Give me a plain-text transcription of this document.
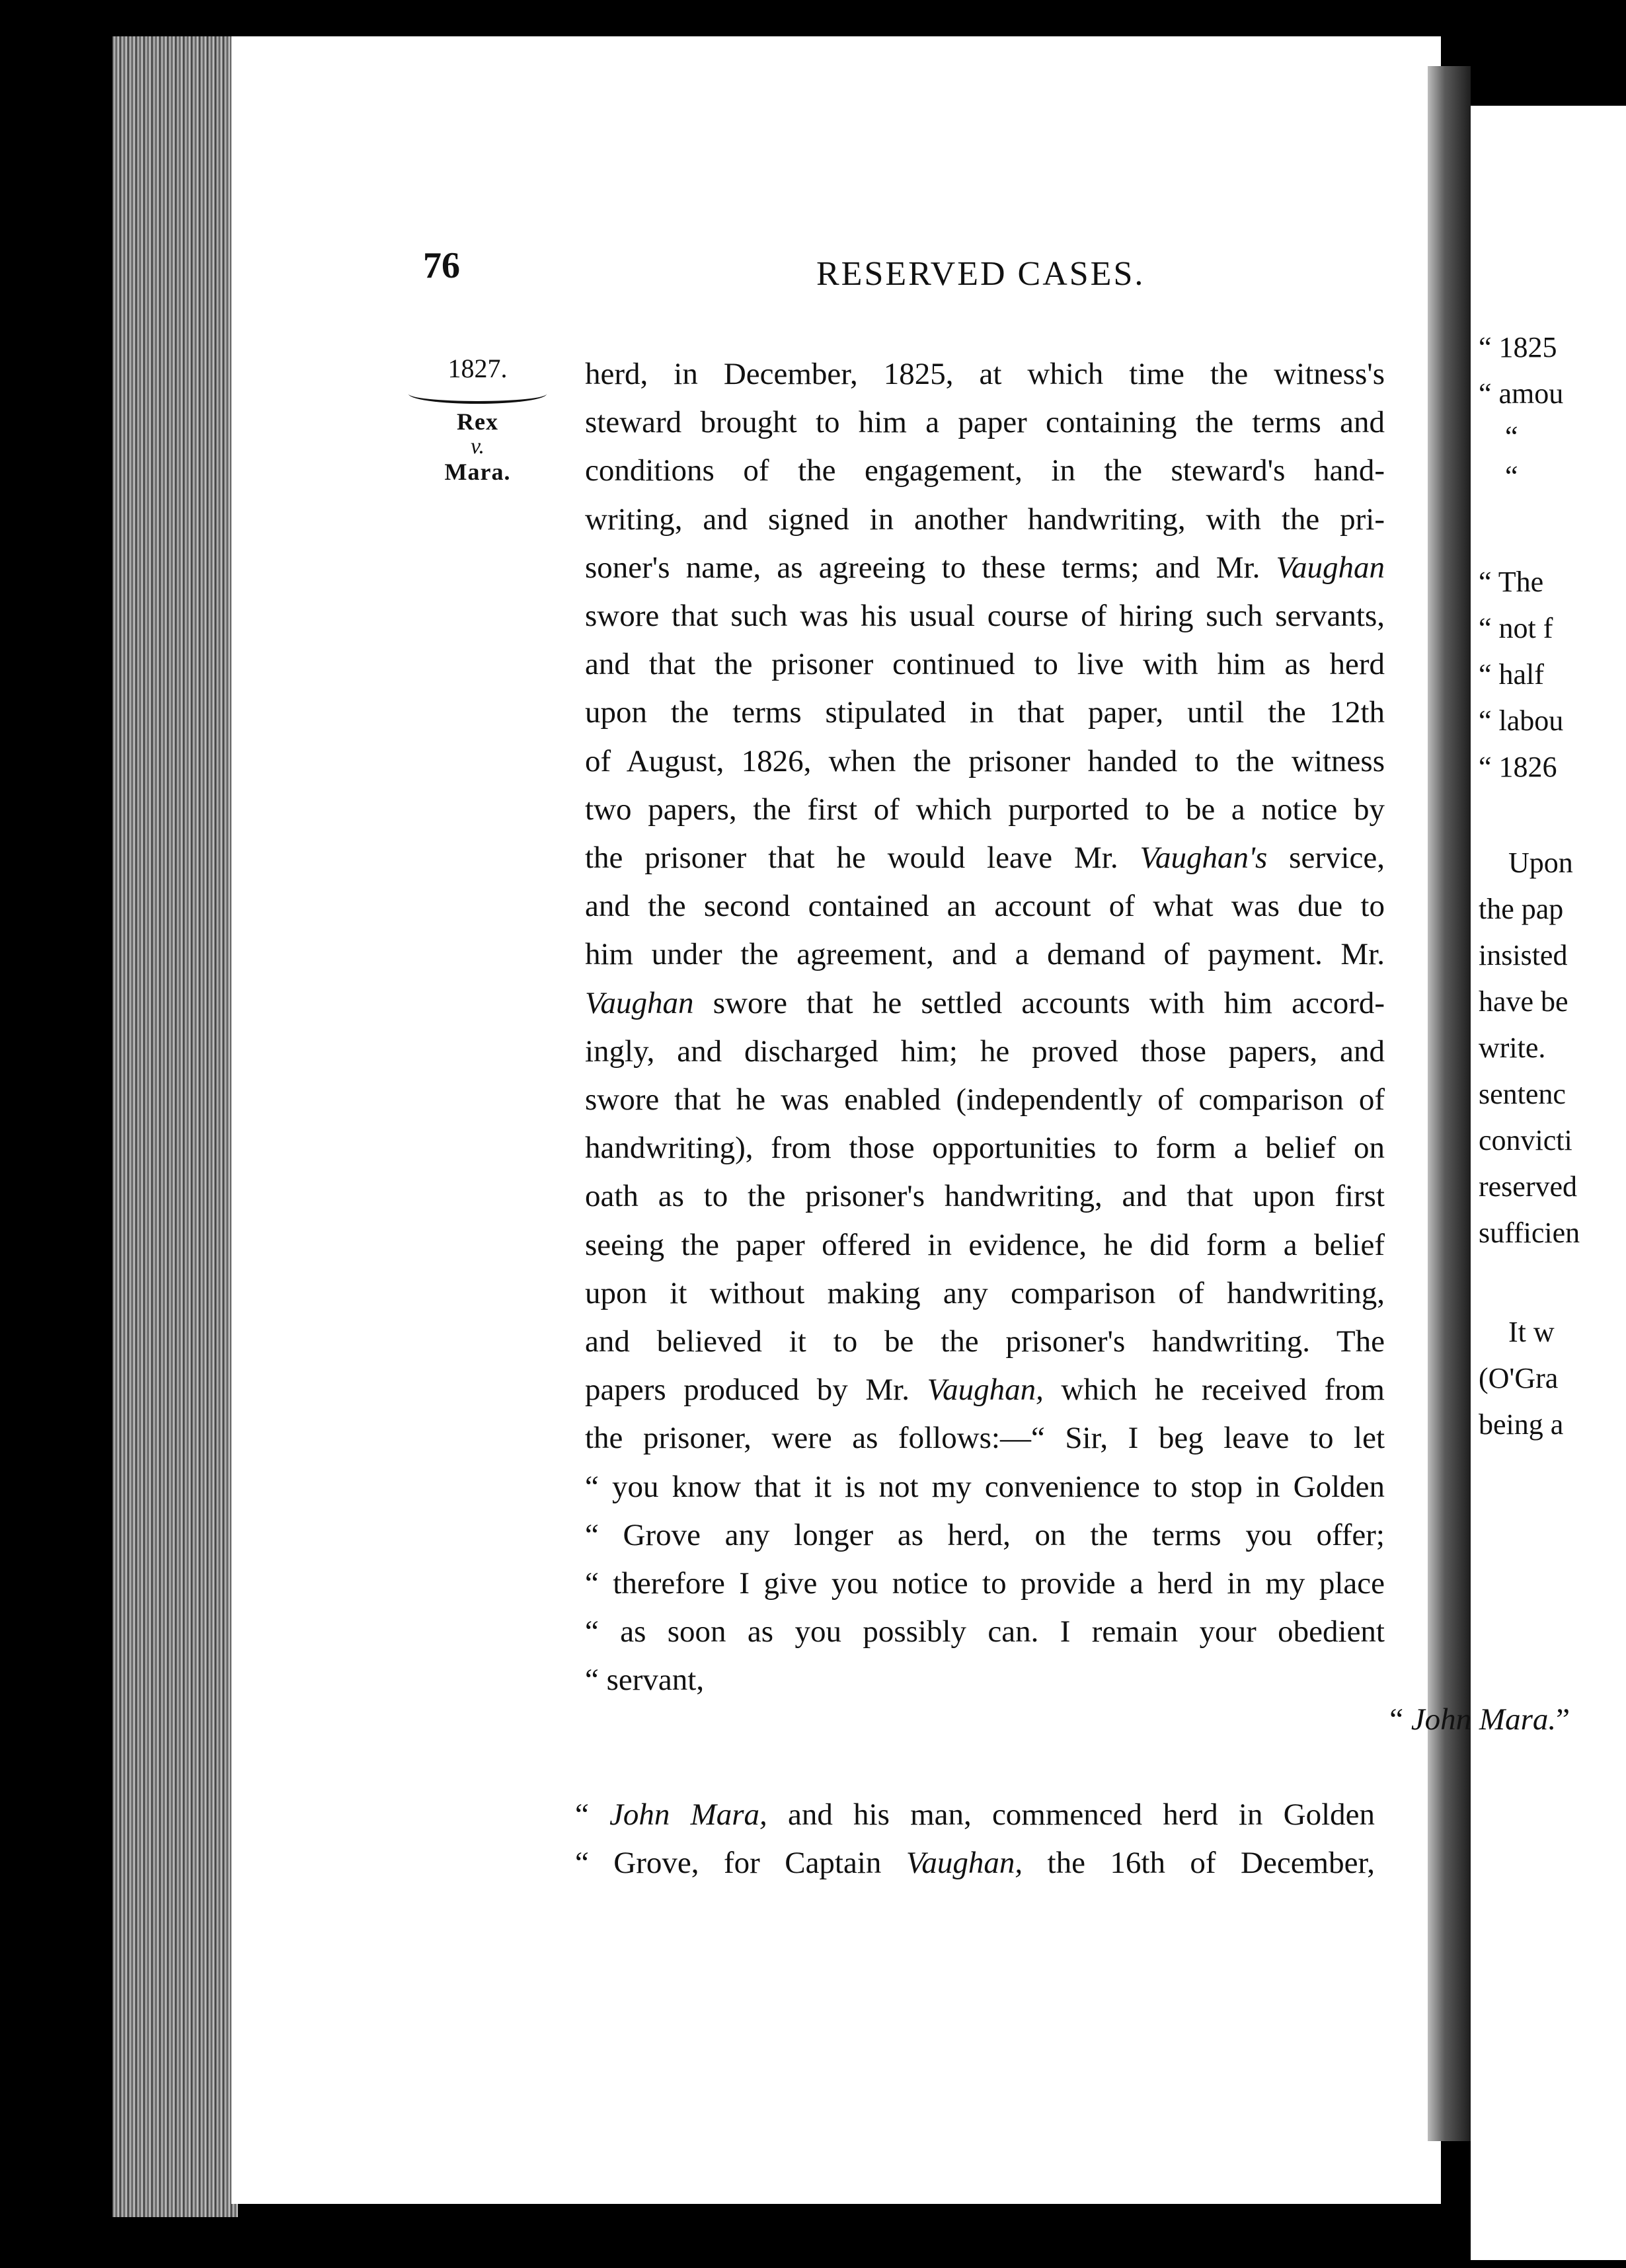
“ 1825
“ amou
“
“
“ The
“ not f
“ half
“ labou
“ 1826
Upon
the pap
insisted
have be
write.
sentenc
convicti
reserved
sufficien
It w
(O'Gra
being a
76	RESERVED CASES.
1827.
Rex
v.
Mara.
herd, in December, 1825, at which time the witness's
steward brought to him a paper containing the terms and
conditions of the engagement, in the steward's hand-
writing, and signed in another handwriting, with the pri-
soner's name, as agreeing to these terms; and Mr. Vaughan
swore that such was his usual course of hiring such servants,
and that the prisoner continued to live with him as herd
upon the terms stipulated in that paper, until the 12th
of August, 1826, when the prisoner handed to the witness
two papers, the first of which purported to be a notice by
the prisoner that he would leave Mr. Vaughan's service,
and the second contained an account of what was due to
him under the agreement, and a demand of payment. Mr.
Vaughan swore that he settled accounts with him accord-
ingly, and discharged him; he proved those papers, and
swore that he was enabled (independently of comparison of
handwriting), from those opportunities to form a belief on
oath as to the prisoner's handwriting, and that upon first
seeing the paper offered in evidence, he did form a belief
upon it without making any comparison of handwriting,
and believed it to be the prisoner's handwriting. The
papers produced by Mr. Vaughan, which he received from
the prisoner, were as follows:—“ Sir, I beg leave to let
“ you know that it is not my convenience to stop in Golden
“ Grove any longer as herd, on the terms you offer;
“ therefore I give you notice to provide a herd in my place
“ as soon as you possibly can. I remain your obedient
“ servant,
“ John Mara.”
“ John Mara, and his man, commenced herd in Golden
“ Grove, for Captain Vaughan, the 16th of December,
